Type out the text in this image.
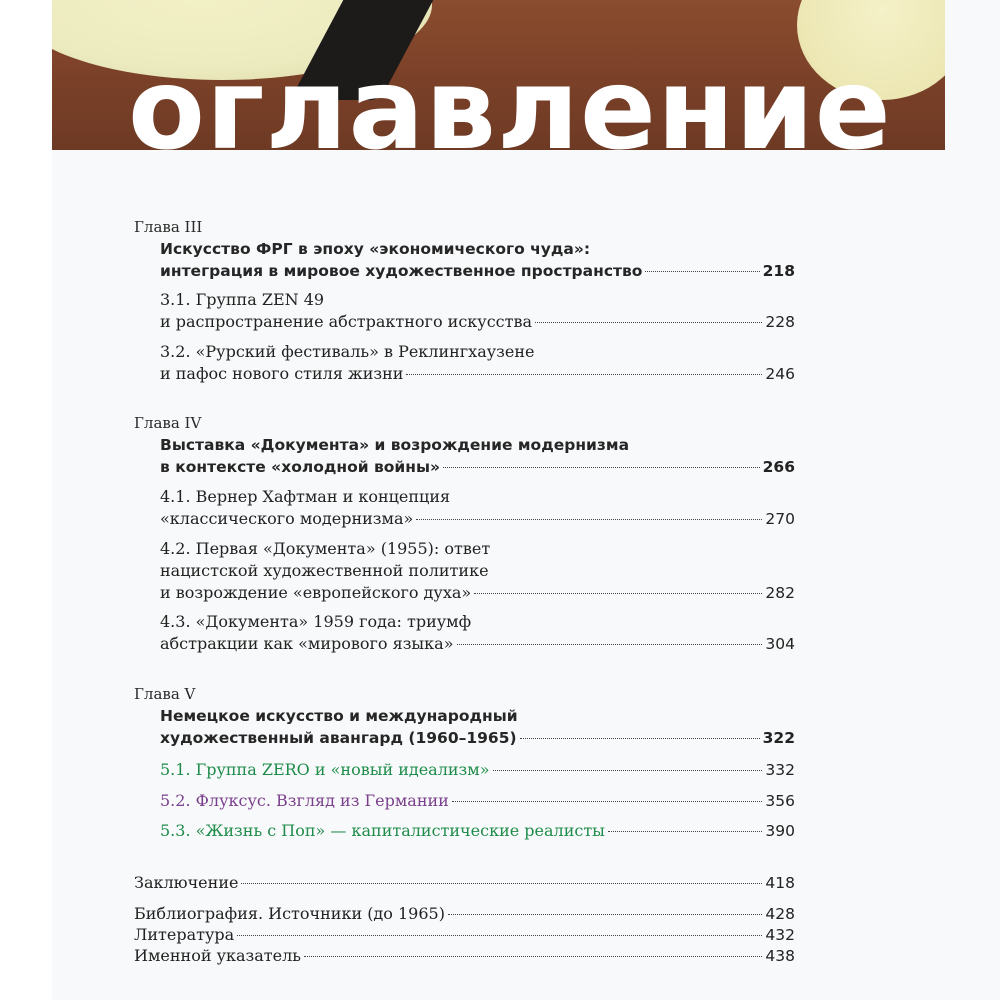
оглавление
Глава III
Искусство ФРГ в эпоху «экономического чуда»:
интеграция в мировое художественное пространство	218
3.1. Группа ZEN 49
и распространение абстрактного искусства	228
3.2. «Рурский фестиваль» в Реклингхаузене
и пафос нового стиля жизни	246
Глава IV
Выставка «Документа» и возрождение модернизма
в контексте «холодной войны»	266
4.1. Вернер Хафтман и концепция
«классического модернизма»	270
4.2. Первая «Документа» (1955): ответ
нацистской художественной политике
и возрождение «европейского духа»	282
4.3. «Документа» 1959 года: триумф
абстракции как «мирового языка»	304
Глава V
Немецкое искусство и международный
художественный авангард (1960–1965)	322
5.1. Группа ZERO и «новый идеализм»	332
5.2. Флуксус. Взгляд из Германии	356
5.3. «Жизнь с Поп» — капиталистические реалисты	390
Заключение	418
Библиография. Источники (до 1965)	428
Литература	432
Именной указатель	438
